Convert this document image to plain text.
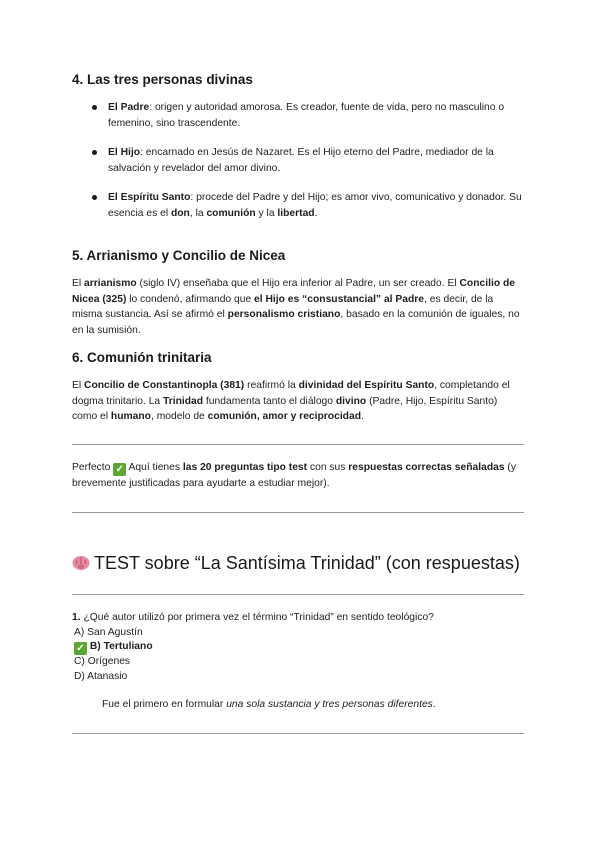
4. Las tres personas divinas
El Padre: origen y autoridad amorosa. Es creador, fuente de vida, pero no masculino o femenino, sino trascendente.
El Hijo: encarnado en Jesús de Nazaret. Es el Hijo eterno del Padre, mediador de la salvación y revelador del amor divino.
El Espíritu Santo: procede del Padre y del Hijo; es amor vivo, comunicativo y donador. Su esencia es el don, la comunión y la libertad.
5. Arrianismo y Concilio de Nicea

El arrianismo (siglo IV) enseñaba que el Hijo era inferior al Padre, un ser creado. El Concilio de Nicea (325) lo condenó, afirmando que el Hijo es “consustancial” al Padre, es decir, de la misma sustancia. Así se afirmó el personalismo cristiano, basado en la comunión de iguales, no en la sumisión.

6. Comunión trinitaria

El Concilio de Constantinopla (381) reafirmó la divinidad del Espíritu Santo, completando el dogma trinitario. La Trinidad fundamenta tanto el diálogo divino (Padre, Hijo, Espíritu Santo) como el humano, modelo de comunión, amor y reciprocidad.

Perfecto ✓ Aquí tienes las 20 preguntas tipo test con sus respuestas correctas señaladas (y brevemente justificadas para ayudarte a estudiar mejor).

TEST sobre “La Santísima Trinidad” (con respuestas)

1. ¿Qué autor utilizó por primera vez el término “Trinidad” en sentido teológico?

A) San Agustín

✓ B) Tertuliano

C) Orígenes

D) Atanasio

Fue el primero en formular una sola sustancia y tres personas diferentes.
